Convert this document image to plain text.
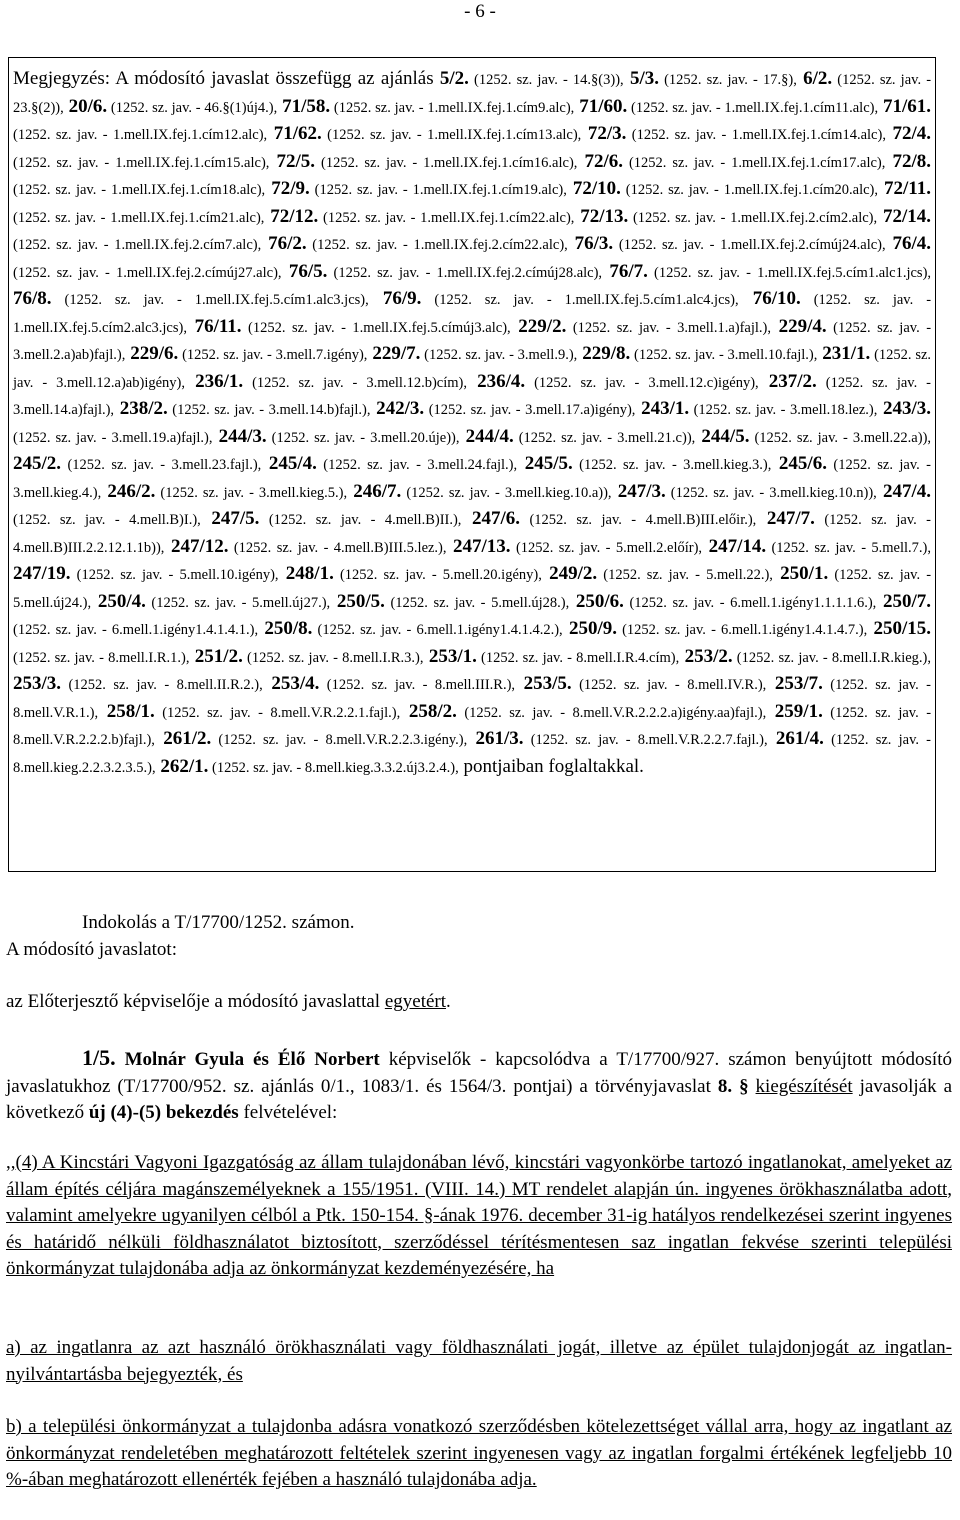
- 6 -
Megjegyzés: A módosító javaslat összefügg az ajánlás 5/2. (1252. sz. jav. - 14.§(3)), 5/3. (1252. sz. jav. - 17.§), 6/2. (1252. sz. jav. - 23.§(2)), 20/6. (1252. sz. jav. - 46.§(1)új4.), 71/58. (1252. sz. jav. - 1.mell.IX.fej.1.cím9.alc), 71/60. (1252. sz. jav. - 1.mell.IX.fej.1.cím11.alc), 71/61. (1252. sz. jav. - 1.mell.IX.fej.1.cím12.alc), 71/62. (1252. sz. jav. - 1.mell.IX.fej.1.cím13.alc), 72/3. (1252. sz. jav. - 1.mell.IX.fej.1.cím14.alc), 72/4. (1252. sz. jav. - 1.mell.IX.fej.1.cím15.alc), 72/5. (1252. sz. jav. - 1.mell.IX.fej.1.cím16.alc), 72/6. (1252. sz. jav. - 1.mell.IX.fej.1.cím17.alc), 72/8. (1252. sz. jav. - 1.mell.IX.fej.1.cím18.alc), 72/9. (1252. sz. jav. - 1.mell.IX.fej.1.cím19.alc), 72/10. (1252. sz. jav. - 1.mell.IX.fej.1.cím20.alc), 72/11. (1252. sz. jav. - 1.mell.IX.fej.1.cím21.alc), 72/12. (1252. sz. jav. - 1.mell.IX.fej.1.cím22.alc), 72/13. (1252. sz. jav. - 1.mell.IX.fej.2.cím2.alc), 72/14. (1252. sz. jav. - 1.mell.IX.fej.2.cím7.alc), 76/2. (1252. sz. jav. - 1.mell.IX.fej.2.cím22.alc), 76/3. (1252. sz. jav. - 1.mell.IX.fej.2.címúj24.alc), 76/4. (1252. sz. jav. - 1.mell.IX.fej.2.címúj27.alc), 76/5. (1252. sz. jav. - 1.mell.IX.fej.2.címúj28.alc), 76/7. (1252. sz. jav. - 1.mell.IX.fej.5.cím1.alc1.jcs), 76/8. (1252. sz. jav. - 1.mell.IX.fej.5.cím1.alc3.jcs), 76/9. (1252. sz. jav. - 1.mell.IX.fej.5.cím1.alc4.jcs), 76/10. (1252. sz. jav. - 1.mell.IX.fej.5.cím2.alc3.jcs), 76/11. (1252. sz. jav. - 1.mell.IX.fej.5.címúj3.alc), 229/2. (1252. sz. jav. - 3.mell.1.a)fajl.), 229/4. (1252. sz. jav. - 3.mell.2.a)ab)fajl.), 229/6. (1252. sz. jav. - 3.mell.7.igény), 229/7. (1252. sz. jav. - 3.mell.9.), 229/8. (1252. sz. jav. - 3.mell.10.fajl.), 231/1. (1252. sz. jav. - 3.mell.12.a)ab)igény), 236/1. (1252. sz. jav. - 3.mell.12.b)cím), 236/4. (1252. sz. jav. - 3.mell.12.c)igény), 237/2. (1252. sz. jav. - 3.mell.14.a)fajl.), 238/2. (1252. sz. jav. - 3.mell.14.b)fajl.), 242/3. (1252. sz. jav. - 3.mell.17.a)igény), 243/1. (1252. sz. jav. - 3.mell.18.lez.), 243/3. (1252. sz. jav. - 3.mell.19.a)fajl.), 244/3. (1252. sz. jav. - 3.mell.20.úje)), 244/4. (1252. sz. jav. - 3.mell.21.c)), 244/5. (1252. sz. jav. - 3.mell.22.a)), 245/2. (1252. sz. jav. - 3.mell.23.fajl.), 245/4. (1252. sz. jav. - 3.mell.24.fajl.), 245/5. (1252. sz. jav. - 3.mell.kieg.3.), 245/6. (1252. sz. jav. - 3.mell.kieg.4.), 246/2. (1252. sz. jav. - 3.mell.kieg.5.), 246/7. (1252. sz. jav. - 3.mell.kieg.10.a)), 247/3. (1252. sz. jav. - 3.mell.kieg.10.n)), 247/4. (1252. sz. jav. - 4.mell.B)I.), 247/5. (1252. sz. jav. - 4.mell.B)II.), 247/6. (1252. sz. jav. - 4.mell.B)III.előir.), 247/7. (1252. sz. jav. - 4.mell.B)III.2.2.12.1.1b)), 247/12. (1252. sz. jav. - 4.mell.B)III.5.lez.), 247/13. (1252. sz. jav. - 5.mell.2.előír), 247/14. (1252. sz. jav. - 5.mell.7.), 247/19. (1252. sz. jav. - 5.mell.10.igény), 248/1. (1252. sz. jav. - 5.mell.20.igény), 249/2. (1252. sz. jav. - 5.mell.22.), 250/1. (1252. sz. jav. - 5.mell.új24.), 250/4. (1252. sz. jav. - 5.mell.új27.), 250/5. (1252. sz. jav. - 5.mell.új28.), 250/6. (1252. sz. jav. - 6.mell.1.igény1.1.1.1.6.), 250/7. (1252. sz. jav. - 6.mell.1.igény1.4.1.4.1.), 250/8. (1252. sz. jav. - 6.mell.1.igény1.4.1.4.2.), 250/9. (1252. sz. jav. - 6.mell.1.igény1.4.1.4.7.), 250/15. (1252. sz. jav. - 8.mell.I.R.1.), 251/2. (1252. sz. jav. - 8.mell.I.R.3.), 253/1. (1252. sz. jav. - 8.mell.I.R.4.cím), 253/2. (1252. sz. jav. - 8.mell.I.R.kieg.), 253/3. (1252. sz. jav. - 8.mell.II.R.2.), 253/4. (1252. sz. jav. - 8.mell.III.R.), 253/5. (1252. sz. jav. - 8.mell.IV.R.), 253/7. (1252. sz. jav. - 8.mell.V.R.1.), 258/1. (1252. sz. jav. - 8.mell.V.R.2.2.1.fajl.), 258/2. (1252. sz. jav. - 8.mell.V.R.2.2.2.a)igény.aa)fajl.), 259/1. (1252. sz. jav. - 8.mell.V.R.2.2.2.b)fajl.), 261/2. (1252. sz. jav. - 8.mell.V.R.2.2.3.igény.), 261/3. (1252. sz. jav. - 8.mell.V.R.2.2.7.fajl.), 261/4. (1252. sz. jav. - 8.mell.kieg.2.2.3.2.3.5.), 262/1. (1252. sz. jav. - 8.mell.kieg.3.3.2.új3.2.4.), pontjaiban foglaltakkal.
Indokolás a T/17700/1252. számon.
A módosító javaslatot:
az Előterjesztő képviselője a módosító javaslattal egyetért.
1/5. Molnár Gyula és Élő Norbert képviselők - kapcsolódva a T/17700/927. számon benyújtott módosító javaslatukhoz (T/17700/952. sz. ajánlás 0/1., 1083/1. és 1564/3. pontjai) a törvényjavaslat 8. § kiegészítését javasolják a következő új (4)-(5) bekezdés felvételével:
,,(4) A Kincstári Vagyoni Igazgatóság az állam tulajdonában lévő, kincstári vagyonkörbe tartozó ingatlanokat, amelyeket az állam építés céljára magánszemélyeknek a 155/1951. (VIII. 14.) MT rendelet alapján ún. ingyenes örökhasználatba adott, valamint amelyekre ugyanilyen célból a Ptk. 150-154. §-ának 1976. december 31-ig hatályos rendelkezései szerint ingyenes és határidő nélküli földhasználatot biztosított, szerződéssel térítésmentesen saz ingatlan fekvése szerinti települési önkormányzat tulajdonába adja az önkormányzat kezdeményezésére, ha
a) az ingatlanra az azt használó örökhasználati vagy földhasználati jogát, illetve az épület tulajdonjogát az ingatlan-nyilvántartásba bejegyezték, és
b) a települési önkormányzat a tulajdonba adásra vonatkozó szerződésben kötelezettséget vállal arra, hogy az ingatlant az önkormányzat rendeletében meghatározott feltételek szerint ingyenesen vagy az ingatlan forgalmi értékének legfeljebb 10 %-ában meghatározott ellenérték fejében a használó tulajdonába adja.
